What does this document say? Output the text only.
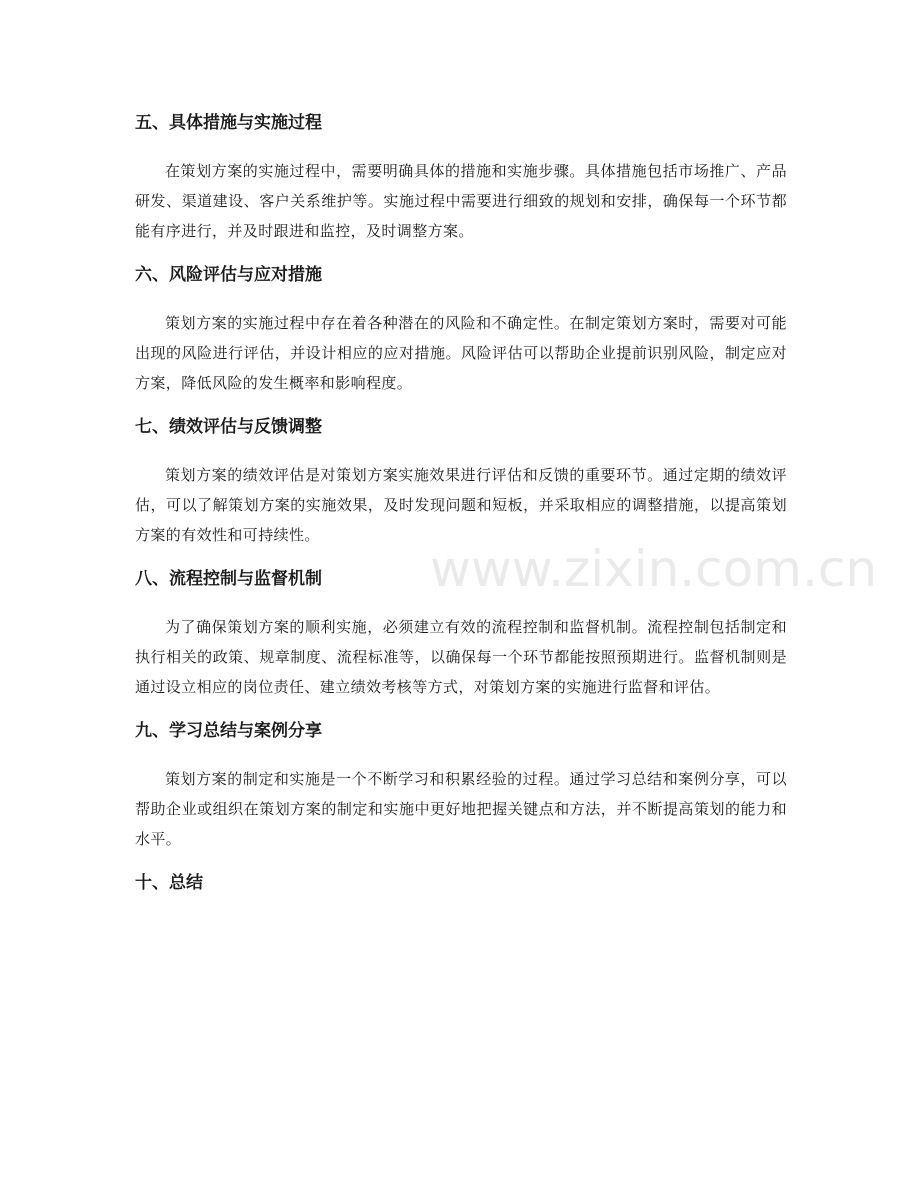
www.zixin.com.cn
五、具体措施与实施过程

在策划方案的实施过程中，需要明确具体的措施和实施步骤。具体措施包括市场推广、产品研发、渠道建设、客户关系维护等。实施过程中需要进行细致的规划和安排，确保每一个环节都能有序进行，并及时跟进和监控，及时调整方案。

六、风险评估与应对措施

策划方案的实施过程中存在着各种潜在的风险和不确定性。在制定策划方案时，需要对可能出现的风险进行评估，并设计相应的应对措施。风险评估可以帮助企业提前识别风险，制定应对方案，降低风险的发生概率和影响程度。

七、绩效评估与反馈调整

策划方案的绩效评估是对策划方案实施效果进行评估和反馈的重要环节。通过定期的绩效评估，可以了解策划方案的实施效果，及时发现问题和短板，并采取相应的调整措施，以提高策划方案的有效性和可持续性。

八、流程控制与监督机制

为了确保策划方案的顺利实施，必须建立有效的流程控制和监督机制。流程控制包括制定和执行相关的政策、规章制度、流程标准等，以确保每一个环节都能按照预期进行。监督机制则是通过设立相应的岗位责任、建立绩效考核等方式，对策划方案的实施进行监督和评估。

九、学习总结与案例分享

策划方案的制定和实施是一个不断学习和积累经验的过程。通过学习总结和案例分享，可以帮助企业或组织在策划方案的制定和实施中更好地把握关键点和方法，并不断提高策划的能力和水平。

十、总结
